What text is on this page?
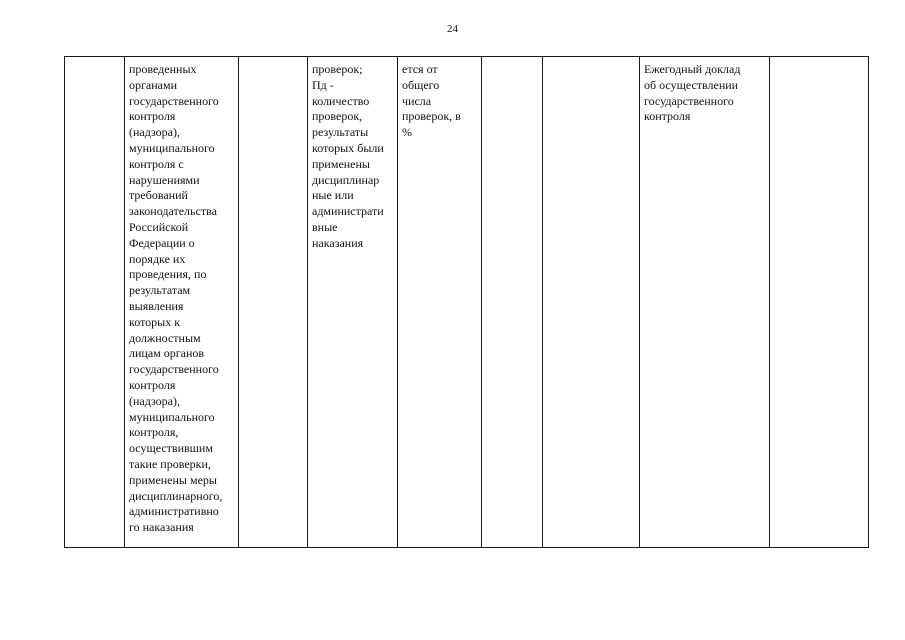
24
	проведенных
органами
государственного
контроля
(надзора),
муниципального
контроля с
нарушениями
требований
законодательства
Российской
Федерации о
порядке их
проведения, по
результатам
выявления
которых к
должностным
лицам органов
государственного
контроля
(надзора),
муниципального
контроля,
осуществившим
такие проверки,
применены меры
дисциплинарного,
административно
го наказания		проверок;
Пд -
количество
проверок,
результаты
которых были
применены
дисциплинар
ные или
администрати
вные
наказания	ется от
общего
числа
проверок, в
%			Ежегодный доклад
об осуществлении
государственного
контроля	
